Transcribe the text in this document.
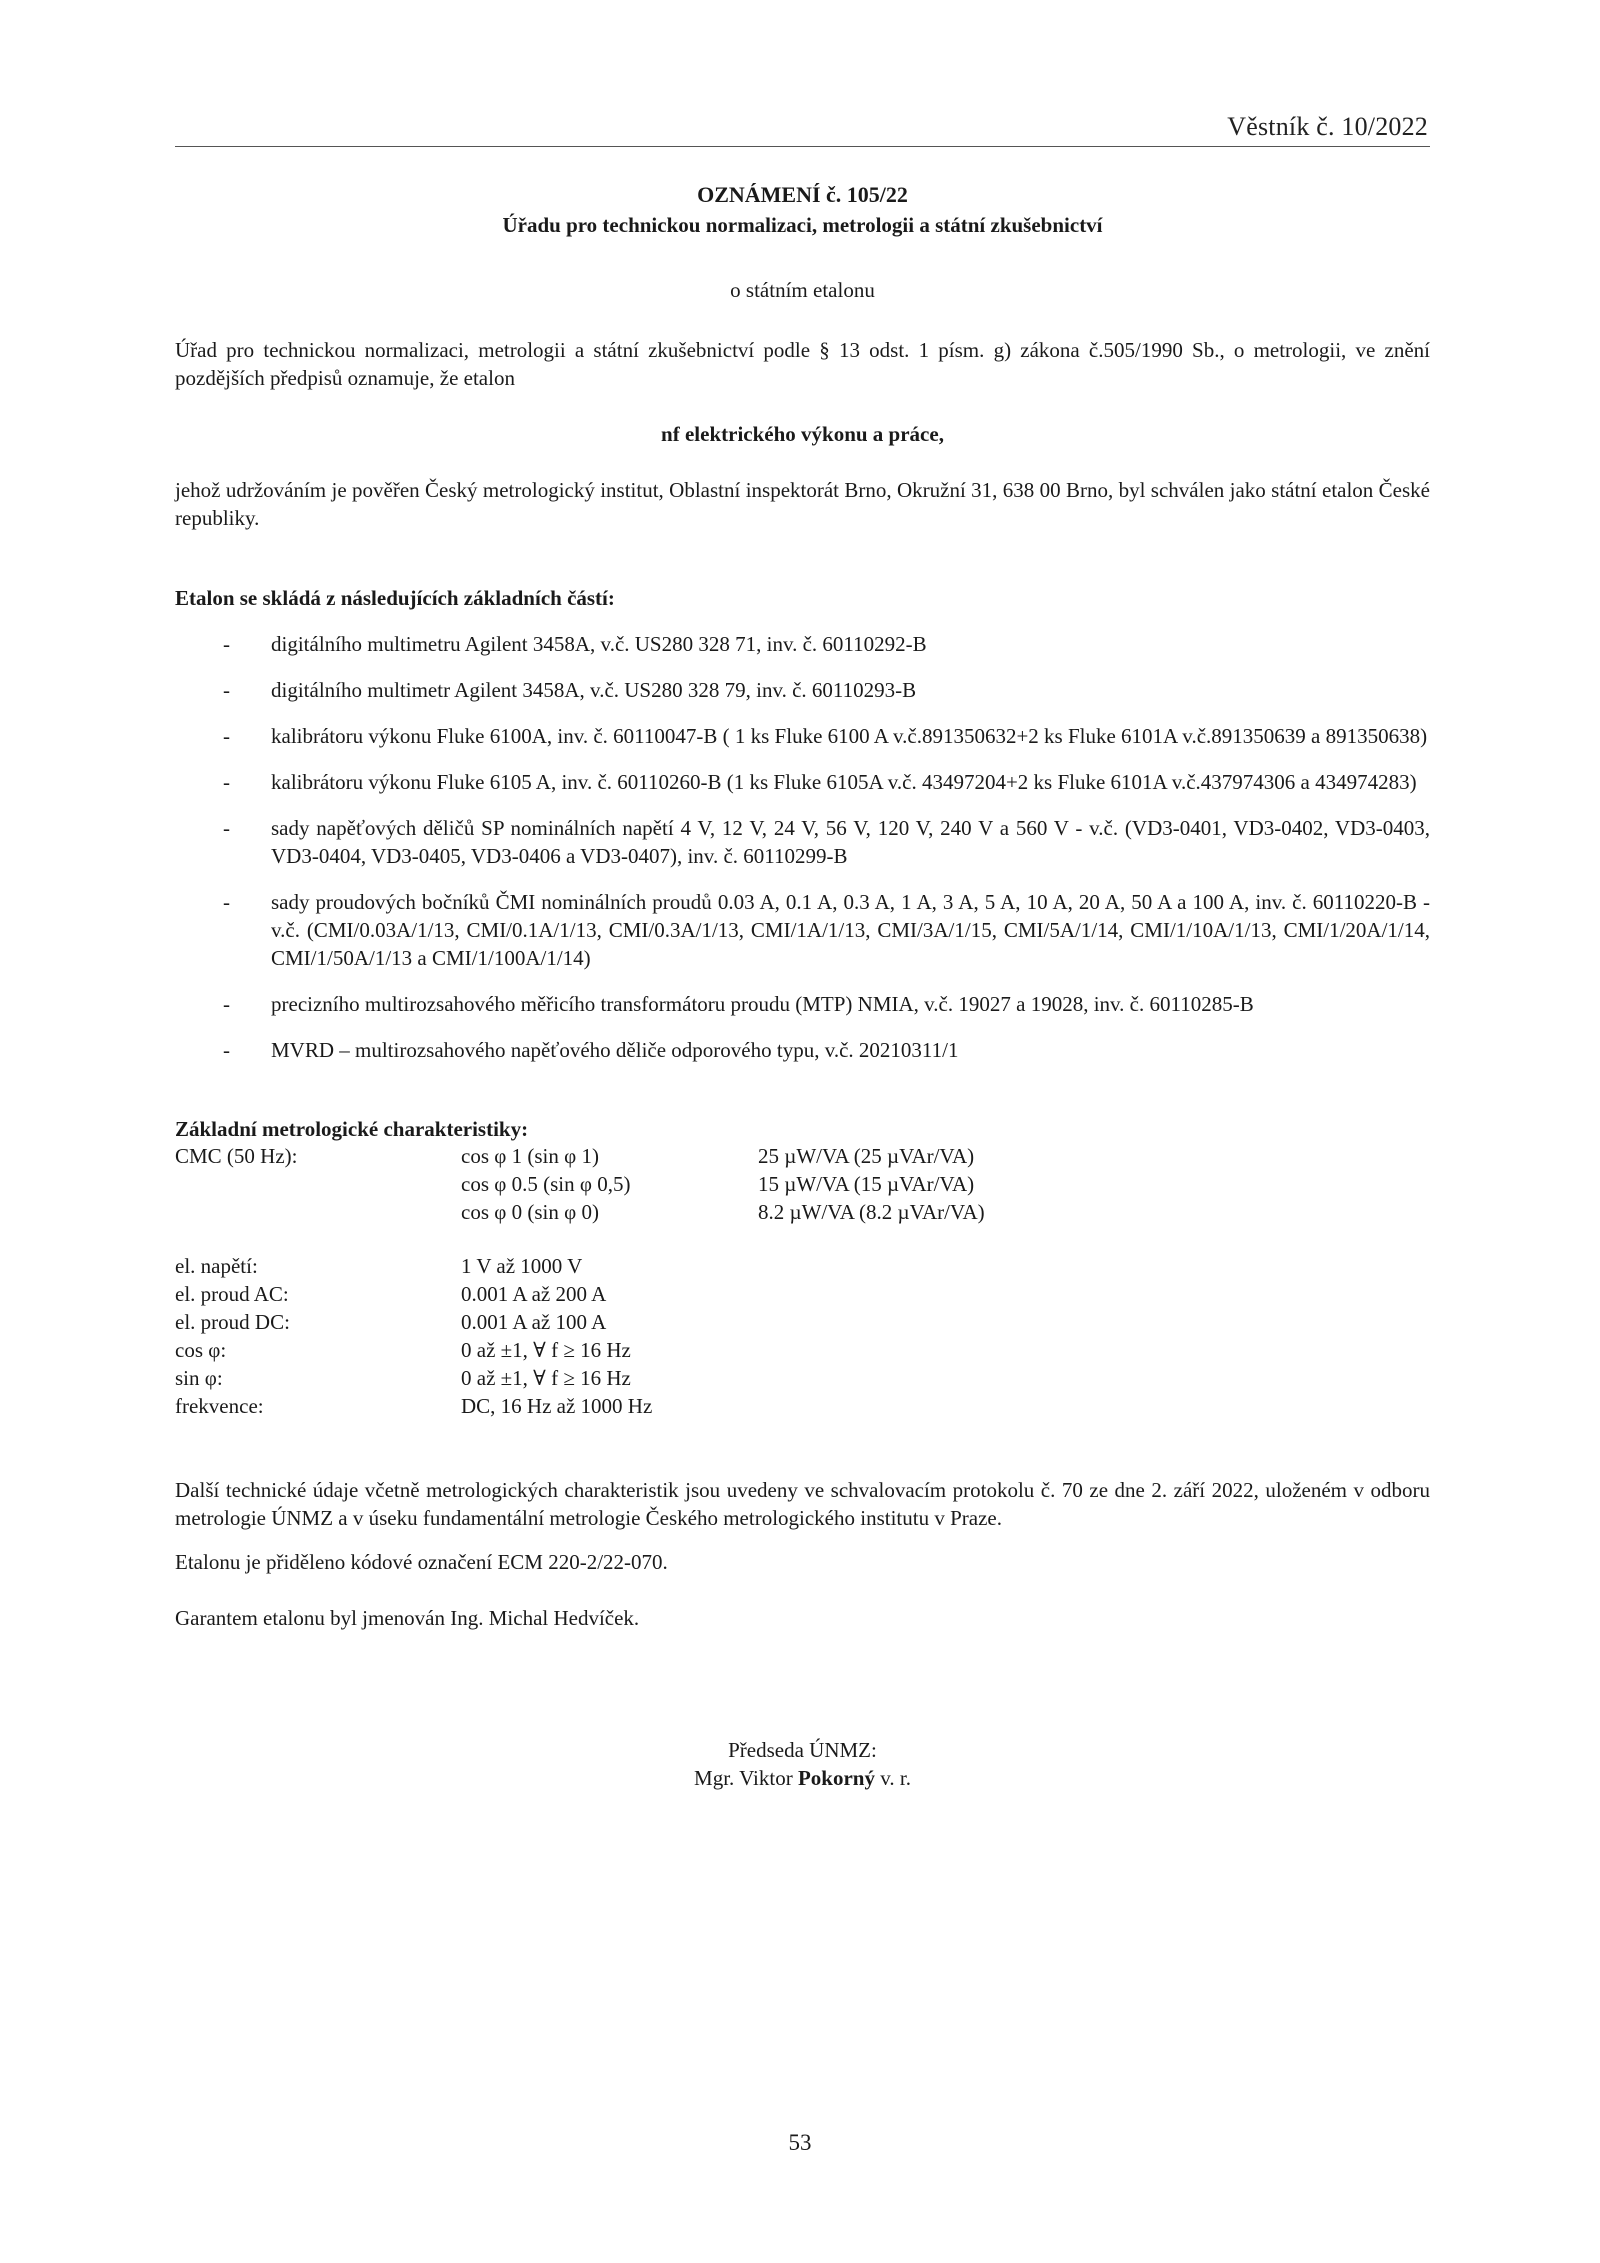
Věstník č. 10/2022
OZNÁMENÍ č. 105/22
Úřadu pro technickou normalizaci, metrologii a státní zkušebnictví
o státním etalonu
Úřad pro technickou normalizaci, metrologii a státní zkušebnictví podle § 13 odst. 1 písm. g) zákona č.505/1990 Sb., o metrologii, ve znění pozdějších předpisů oznamuje, že etalon
nf elektrického výkonu a práce,
jehož udržováním je pověřen Český metrologický institut, Oblastní inspektorát Brno, Okružní 31, 638 00 Brno, byl schválen jako státní etalon České republiky.
Etalon se skládá z následujících základních částí:
- digitálního multimetru Agilent 3458A, v.č. US280 328 71, inv. č. 60110292-B
- digitálního multimetr Agilent 3458A, v.č. US280 328 79, inv. č. 60110293-B
- kalibrátoru výkonu Fluke 6100A, inv. č. 60110047-B ( 1 ks Fluke 6100 A v.č.891350632+2 ks Fluke 6101A v.č.891350639 a 891350638)
- kalibrátoru výkonu Fluke 6105 A, inv. č. 60110260-B (1 ks Fluke 6105A v.č. 43497204+2 ks Fluke 6101A v.č.437974306 a 434974283)
- sady napěťových děličů SP nominálních napětí 4 V, 12 V, 24 V, 56 V, 120 V, 240 V a 560 V - v.č. (VD3-0401, VD3-0402, VD3-0403, VD3-0404, VD3-0405, VD3-0406 a VD3-0407), inv. č. 60110299-B
- sady proudových bočníků ČMI nominálních proudů 0.03 A, 0.1 A, 0.3 A, 1 A, 3 A, 5 A, 10 A, 20 A, 50 A a 100 A, inv. č. 60110220-B - v.č. (CMI/0.03A/1/13, CMI/0.1A/1/13, CMI/0.3A/1/13, CMI/1A/1/13, CMI/3A/1/15, CMI/5A/1/14, CMI/1/10A/1/13, CMI/1/20A/1/14, CMI/1/50A/1/13 a CMI/1/100A/1/14)
- precizního multirozsahového měřicího transformátoru proudu (MTP) NMIA, v.č. 19027 a 19028, inv. č. 60110285-B
- MVRD – multirozsahového napěťového děliče odporového typu, v.č. 20210311/1
Základní metrologické charakteristiky:
CMC (50 Hz):	cos φ 1 (sin φ 1)	25 µW/VA (25 µVAr/VA)
	cos φ 0.5 (sin φ 0,5)	15 µW/VA (15 µVAr/VA)
	cos φ 0 (sin φ 0)	8.2 µW/VA (8.2 µVAr/VA)
el. napětí:	1 V až 1000 V
el. proud AC:	0.001 A až 200 A
el. proud DC:	0.001 A až 100 A
cos φ:	0 až ±1, ∀ f ≥ 16 Hz
sin φ:	0 až ±1, ∀ f ≥ 16 Hz
frekvence:	DC, 16 Hz až 1000 Hz
Další technické údaje včetně metrologických charakteristik jsou uvedeny ve schvalovacím protokolu č. 70 ze dne 2. září 2022, uloženém v odboru metrologie ÚNMZ a v úseku fundamentální metrologie Českého metrologického institutu v Praze.
Etalonu je přiděleno kódové označení ECM 220-2/22-070.
Garantem etalonu byl jmenován Ing. Michal Hedvíček.
Předseda ÚNMZ:
Mgr. Viktor Pokorný v. r.
53
